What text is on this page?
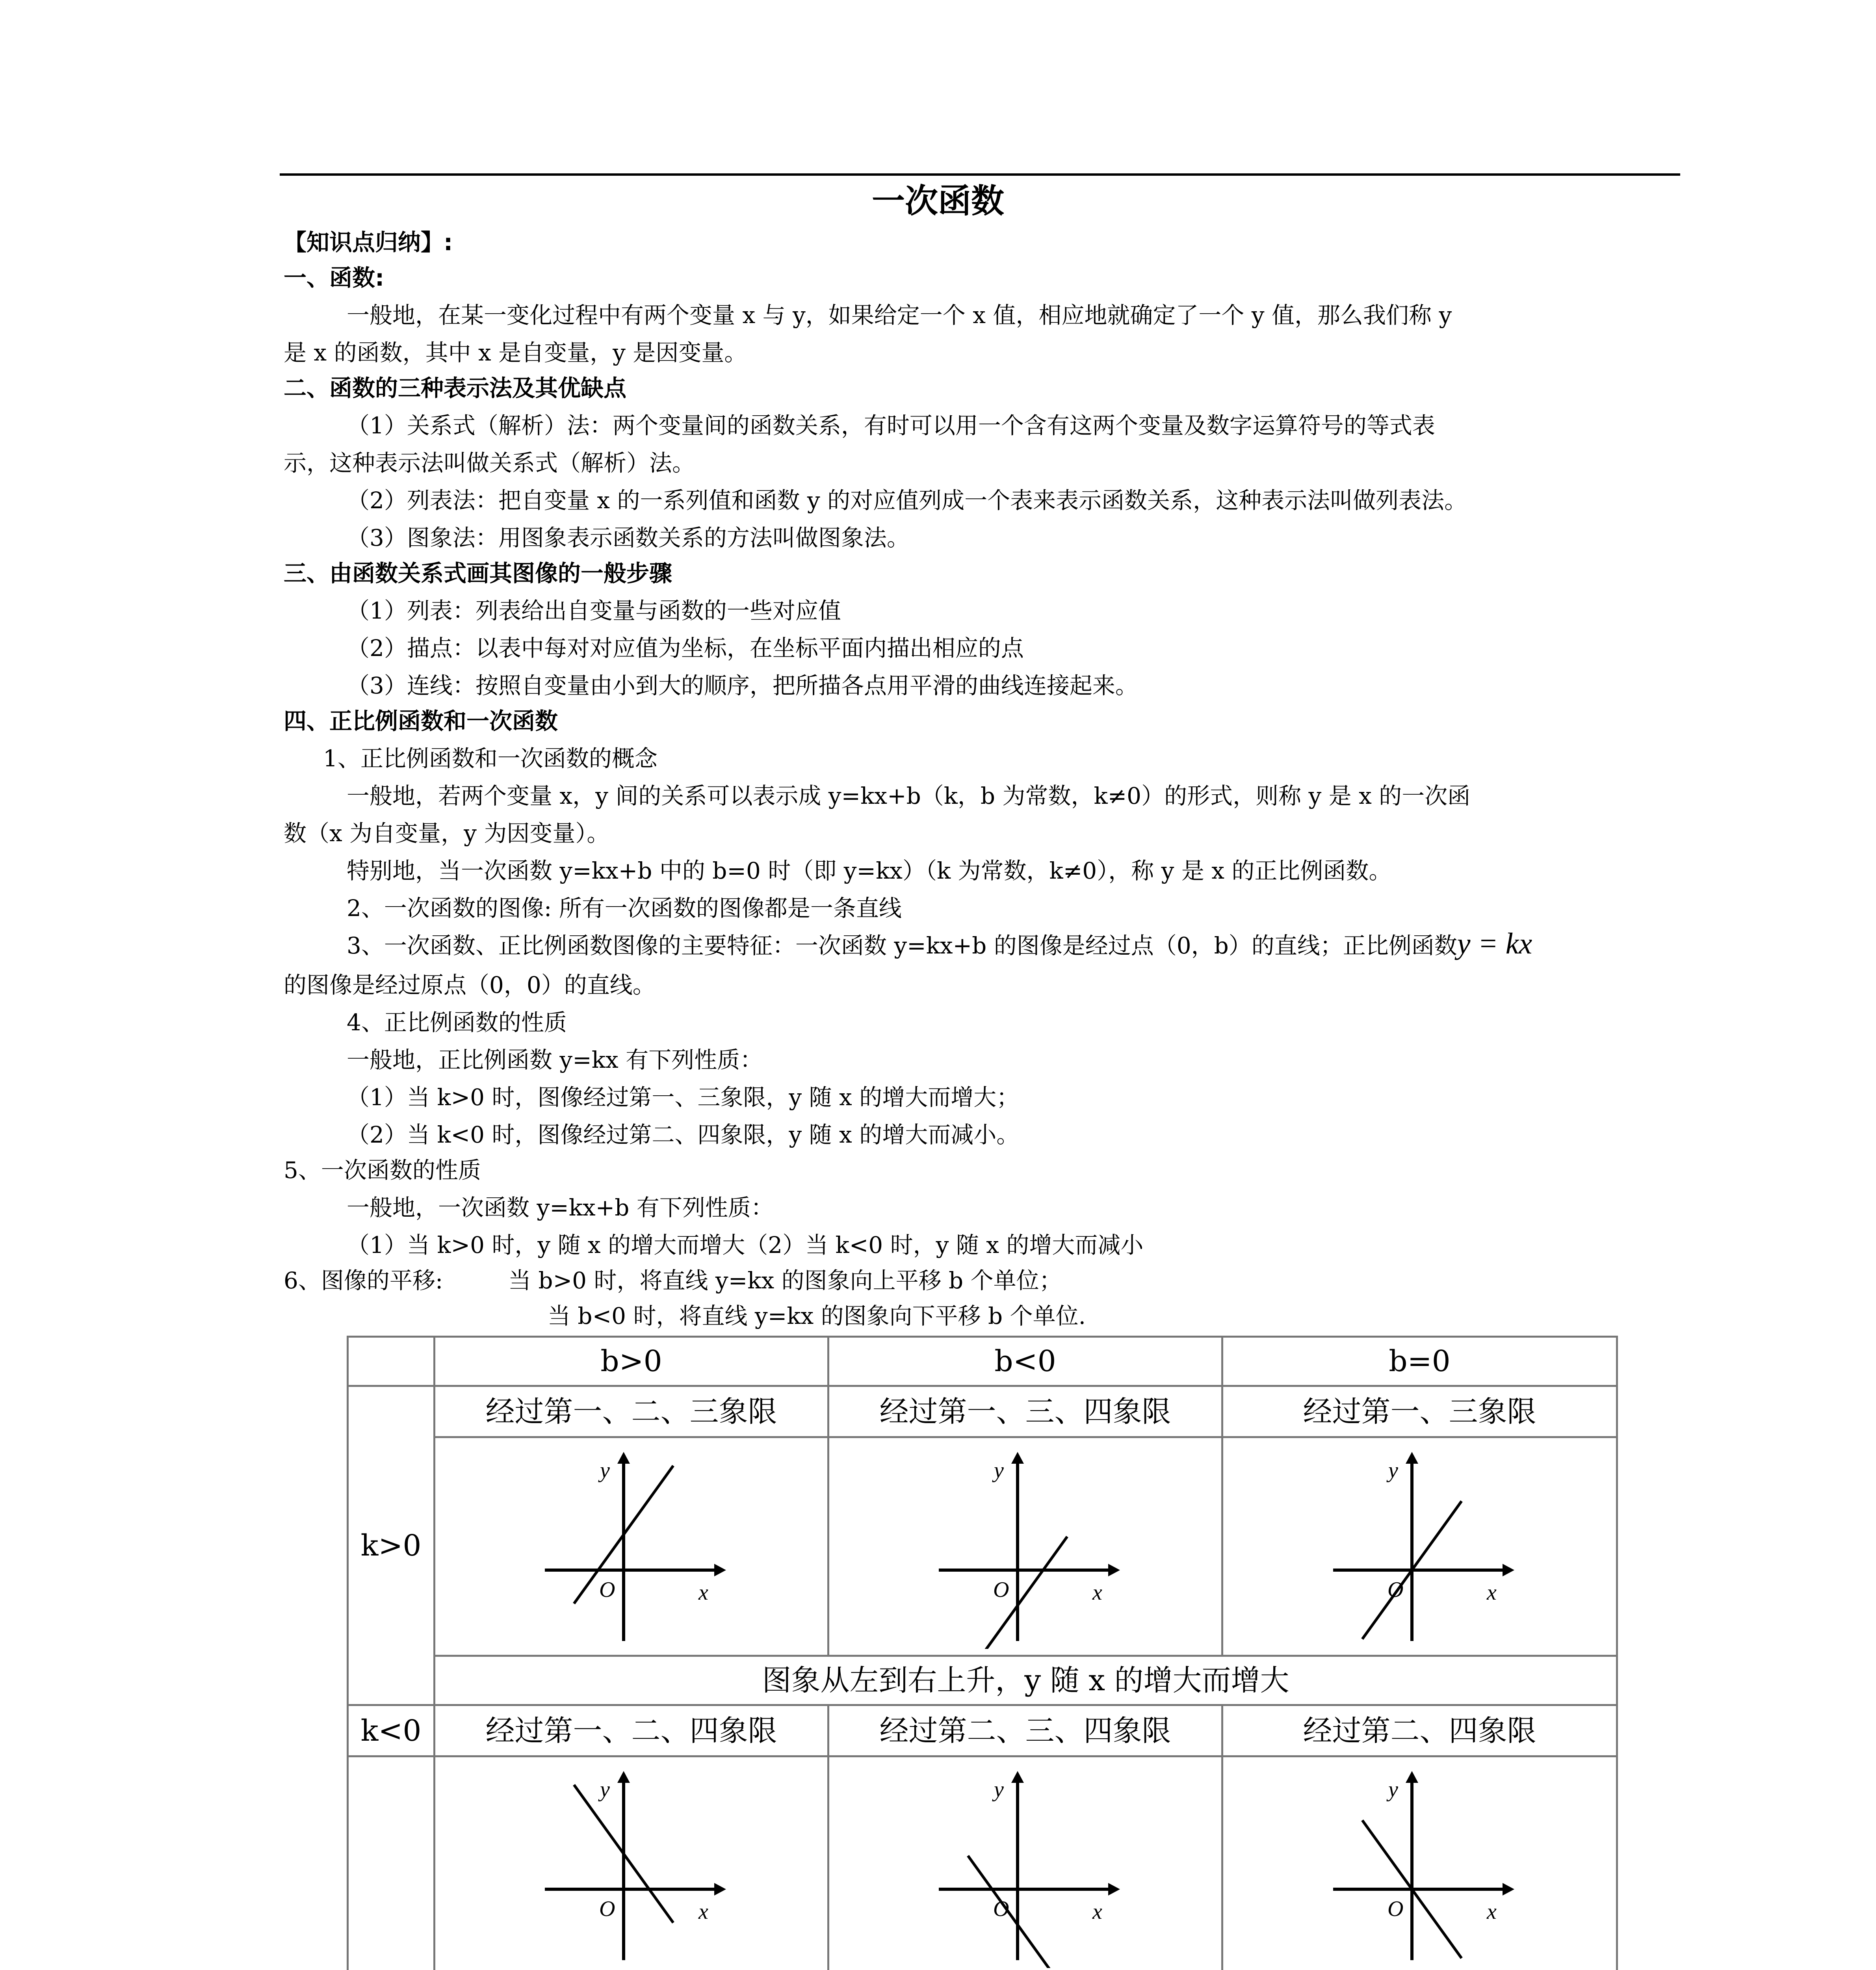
一次函数
【知识点归纳】:
一、函数:
一般地，在某一变化过程中有两个变量 x 与 y，如果给定一个 x 值，相应地就确定了一个 y 值，那么我们称 y
是 x 的函数，其中 x 是自变量，y 是因变量。
二、函数的三种表示法及其优缺点
（1）关系式（解析）法：两个变量间的函数关系，有时可以用一个含有这两个变量及数字运算符号的等式表
示，这种表示法叫做关系式（解析）法。
（2）列表法：把自变量 x 的一系列值和函数 y 的对应值列成一个表来表示函数关系，这种表示法叫做列表法。
（3）图象法：用图象表示函数关系的方法叫做图象法。
三、由函数关系式画其图像的一般步骤
（1）列表：列表给出自变量与函数的一些对应值
（2）描点：以表中每对对应值为坐标，在坐标平面内描出相应的点
（3）连线：按照自变量由小到大的顺序，把所描各点用平滑的曲线连接起来。
四、正比例函数和一次函数
1、正比例函数和一次函数的概念
一般地，若两个变量 x，y 间的关系可以表示成 y=kx+b（k，b 为常数，k≠0）的形式，则称 y 是 x 的一次函
数（x 为自变量，y 为因变量）。
特别地，当一次函数 y=kx+b 中的 b=0 时（即 y=kx）（k 为常数，k≠0），称 y 是 x 的正比例函数。
2、一次函数的图像: 所有一次函数的图像都是一条直线
3、一次函数、正比例函数图像的主要特征：一次函数 y=kx+b 的图像是经过点（0，b）的直线；正比例函数y = kx
的图像是经过原点（0，0）的直线。
4、正比例函数的性质
一般地，正比例函数 y=kx 有下列性质：
（1）当 k>0 时，图像经过第一、三象限，y 随 x 的增大而增大；
（2）当 k<0 时，图像经过第二、四象限，y 随 x 的增大而减小。
5、一次函数的性质
一般地，一次函数 y=kx+b 有下列性质：
（1）当 k>0 时，y 随 x 的增大而增大（2）当 k<0 时，y 随 x 的增大而减小
6、图像的平移:	当 b>0 时，将直线 y=kx 的图象向上平移 b 个单位；
当 b<0 时，将直线 y=kx 的图象向下平移 b 个单位.
	b>0	b<0	b=0
k>0	经过第一、二、三象限	经过第一、三、四象限	经过第一、三象限

y
x
O	y
x
O	y
x
O

	图象从左到右上升，y 随 x 的增大而增大		
k<0	经过第一、二、四象限	经过第二、三、四象限	经过第二、四象限

y
x
O	y
x
O	y
x
O
